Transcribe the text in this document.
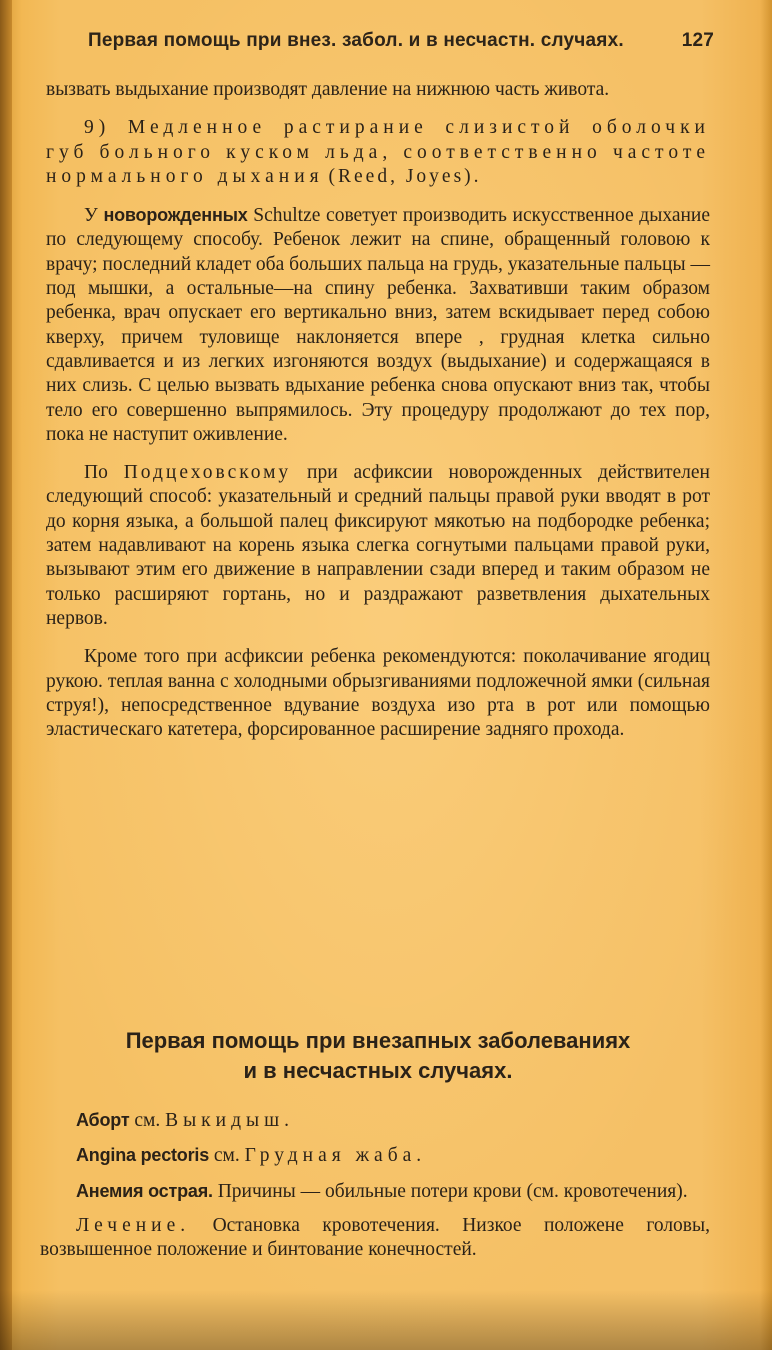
Первая помощь при внез. забол. и в несчастн. случаях.	127

вызвать выдыхание производят давление на нижнюю часть живота.

9) Медленное растирание слизистой оболочки губ больного куском льда, соответственно частоте нормального дыхания (Reed, Joyes).

У новорожденных Schultze советует производить искусственное дыхание по следующему способу. Ребенок лежит на спине, обращенный головою к врачу; последний кладет оба больших пальца на грудь, указательные пальцы — под мышки, а остальные—на спину ребенка. Захвативши таким образом ребенка, врач опускает его вертикально вниз, затем вскидывает перед собою кверху, причем туловище наклоняется впере , грудная клетка сильно сдавливается и из легких изгоняются воздух (выдыхание) и содержащаяся в них слизь. С целью вызвать вдыхание ребенка снова опускают вниз так, чтобы тело его совершенно выпрямилось. Эту процедуру продолжают до тех пор, пока не наступит оживление.

По Подцеховскому при асфиксии новорожденных действителен следующий способ: указательный и средний пальцы правой руки вводят в рот до корня языка, а большой палец фиксируют мякотью на подбородке ребенка; затем надавливают на корень языка слегка согнутыми пальцами правой руки, вызывают этим его движение в направлении сзади вперед и таким образом не только расширяют гортань, но и раздражают разветвления дыхательных нервов.

Кроме того при асфиксии ребенка рекомендуются: поколачивание ягодиц рукою. теплая ванна с холодными обрызгиваниями подложечной ямки (сильная струя!), непосредственное вдувание воздуха изо рта в рот или помощью эластическаго катетера, форсированное расширение задняго прохода.

Первая помощь при внезапных заболеваниях
и в несчастных случаях.

Аборт см. Выкидыш.

Angina pectoris см. Грудная жаба.

Анемия острая. Причины — обильные потери крови (см. кровотечения).

Лечение. Остановка кровотечения. Низкое положене головы, возвышенное положение и бинтование конечностей.
